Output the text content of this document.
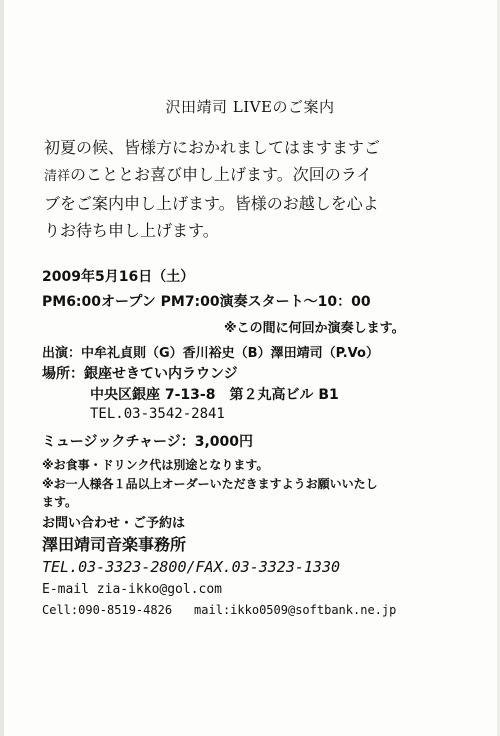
沢田靖司 LIVEのご案内
初夏の候、皆様方におかれましてはますますご
清祥のこととお喜び申し上げます。次回のライ
ブをご案内申し上げます。皆様のお越しを心よ
りお待ち申し上げます。
2009年5月16日（土）
PM6:00オープン PM7:00演奏スタート～10：00
※この間に何回か演奏します。
出演：中牟礼貞則（G）香川裕史（B）澤田靖司（P.Vo）
場所：銀座せきてい内ラウンジ
中央区銀座 7-13-8　第２丸高ビル B1
TEL.03-3542-2841
ミュージックチャージ：3,000円
※お食事・ドリンク代は別途となります。
※お一人様各１品以上オーダーいただきますようお願いいたし
ます。
お問い合わせ・ご予約は
澤田靖司音楽事務所
TEL.03-3323-2800/FAX.03-3323-1330
E-mail zia-ikko@gol.com
Cell:090-8519-4826 mail:ikko0509@softbank.ne.jp
